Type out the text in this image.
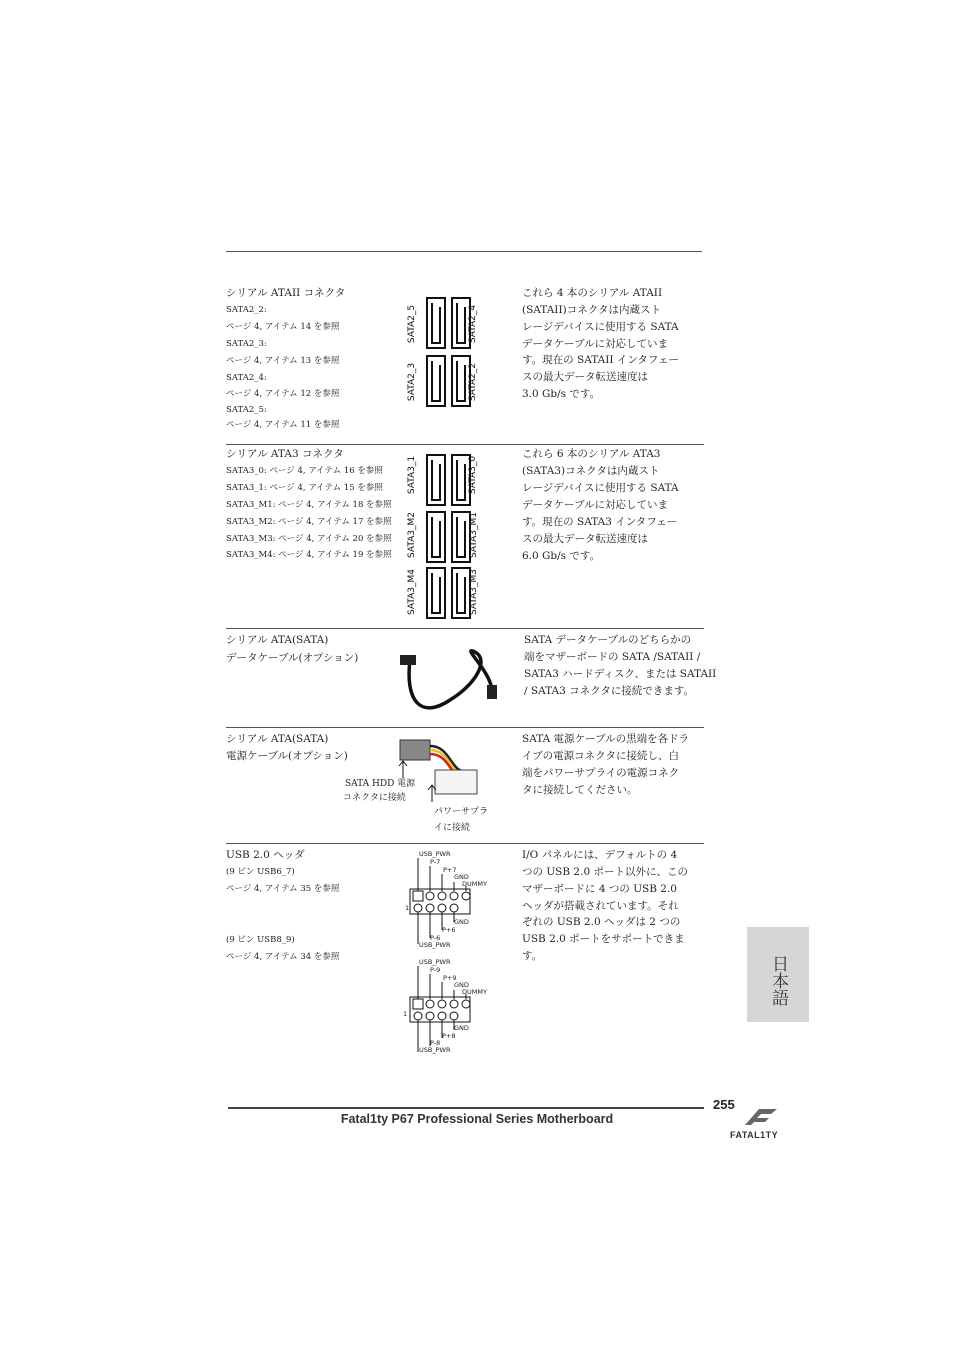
シリアル ATAII コネクタ
SATA2_2:
ページ 4, アイテム 14 を参照
SATA2_3:
ページ 4, アイテム 13 を参照
SATA2_4:
ページ 4, アイテム 12 を参照
SATA2_5:
ページ 4, アイテム 11 を参照
SATA2_5	SATA2_4
SATA2_3	SATA2_2
これら 4 本のシリアル ATAII
(SATAII)コネクタは内蔵スト
レージデバイスに使用する SATA
データケーブルに対応していま
す。現在の SATAII インタフェー
スの最大データ転送速度は
3.0 Gb/s です。
シリアル ATA3 コネクタ
SATA3_0: ページ 4, アイテム 16 を参照
SATA3_1: ページ 4, アイテム 15 を参照
SATA3_M1: ページ 4, アイテム 18 を参照
SATA3_M2: ページ 4, アイテム 17 を参照
SATA3_M3: ページ 4, アイテム 20 を参照
SATA3_M4: ページ 4, アイテム 19 を参照
SATA3_1	SATA3_0
SATA3_M2	SATA3_M1
SATA3_M4	SATA3_M3
これら 6 本のシリアル ATA3
(SATA3)コネクタは内蔵スト
レージデバイスに使用する SATA
データケーブルに対応していま
す。現在の SATA3 インタフェー
スの最大データ転送速度は
6.0 Gb/s です。
シリアル ATA(SATA)
データケーブル(オプション)
SATA データケーブルのどちらかの
端をマザーボードの SATA /SATAII /
SATA3 ハードディスク、または SATAII
/ SATA3 コネクタに接続できます。
シリアル ATA(SATA)
電源ケーブル(オプション)
SATA HDD 電源
コネクタに接続
パワーサプラ
イに接続
SATA 電源ケーブルの黒端を各ドラ
イブの電源コネクタに接続し、白
端をパワーサプライの電源コネク
タに接続してください。
USB 2.0 ヘッダ
(9 ピン USB6_7)
ページ 4, アイテム 35 を参照
(9 ピン USB8_9)
ページ 4, アイテム 34 を参照
USB_PWR
P-7
P+7
GND
DUMMY
GND
P+6
P-6
USB_PWR
1
USB_PWR
P-9
P+9
GND
DUMMY
GND
P+8
P-8
USB_PWR
1
I/O パネルには、デフォルトの 4
つの USB 2.0 ポート以外に、この
マザーボードに 4 つの USB 2.0
ヘッダが搭載されています。それ
ぞれの USB 2.0 ヘッダは 2 つの
USB 2.0 ポートをサポートできま
す。	日本語
Fatal1ty P67 Professional Series Motherboard
255
FATAL1TY
